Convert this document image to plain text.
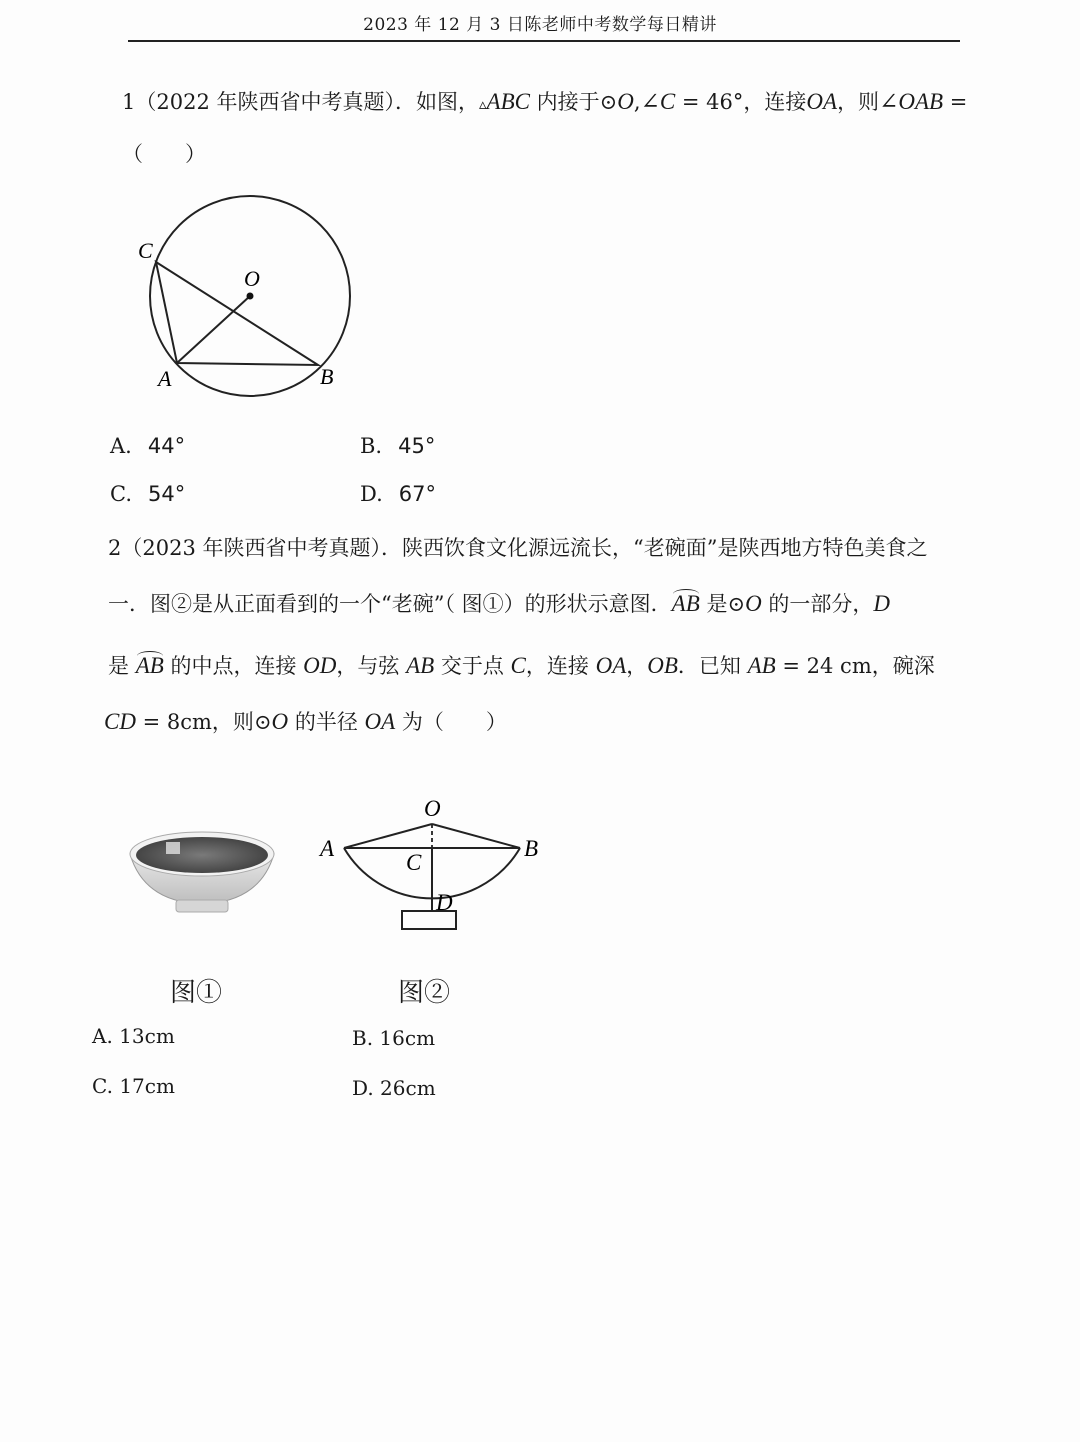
2023 年 12 月 3 日陈老师中考数学每日精讲
1（2022 年陕西省中考真题）．如图，▵ABC 内接于⊙O,∠C = 46°，连接OA，则∠OAB =
（　　）
C
O
A	B
A. 44°	B. 45°
C. 54°	D. 67°
2（2023 年陕西省中考真题）．陕西饮食文化源远流长，“老碗面”是陕西地方特色美食之
一．图②是从正面看到的一个“老碗”（ 图①）的形状示意图．AB 是⊙O 的一部分，D
是 AB 的中点，连接 OD，与弦 AB 交于点 C，连接 OA，OB．已知 AB = 24 cm，碗深
CD = 8cm，则⊙O 的半径 OA 为（　　）
O
A	B
C
D
图①	图②
A. 13cm	B. 16cm
C. 17cm	D. 26cm
